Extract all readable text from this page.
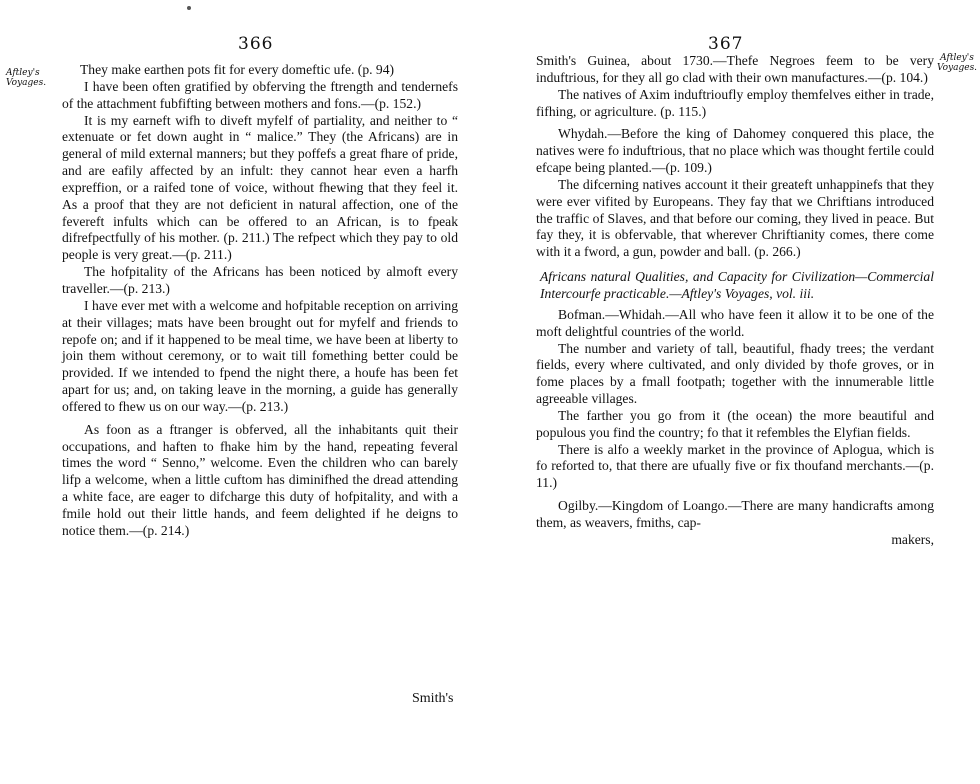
366
Aftley's Voyages.

They make earthen pots fit for every domeftic ufe. (p. 94)

I have been often gratified by obferving the ftrength and tendernefs of the attachment fubfifting between mothers and fons.—(p. 152.)

It is my earneft wifh to diveft myfelf of partiality, and neither to “ extenuate or fet down aught in “ malice.” They (the Africans) are in general of mild external manners; but they poffefs a great fhare of pride, and are eafily affected by an infult: they cannot hear even a harfh expreffion, or a raifed tone of voice, without fhewing that they feel it. As a proof that they are not deficient in natural affection, one of the fevereft infults which can be offered to an African, is to fpeak difrefpectfully of his mother. (p. 211.) The refpect which they pay to old people is very great.—(p. 211.)

The hofpitality of the Africans has been noticed by almoft every traveller.—(p. 213.)

I have ever met with a welcome and hofpitable reception on arriving at their villages; mats have been brought out for myfelf and friends to repofe on; and if it happened to be meal time, we have been at liberty to join them without ceremony, or to wait till fomething better could be provided. If we intended to fpend the night there, a houfe has been fet apart for us; and, on taking leave in the morning, a guide has generally offered to fhew us on our way.—(p. 213.)

As foon as a ftranger is obferved, all the inhabitants quit their occupations, and haften to fhake him by the hand, repeating feveral times the word “ Senno,” welcome. Even the children who can barely lifp a welcome, when a little cuftom has diminifhed the dread attending a white face, are eager to difcharge this duty of hofpitality, and with a fmile hold out their little hands, and feem delighted if he deigns to notice them.—(p. 214.)

Smith's
367
Aftley's Voyages.

Smith's Guinea, about 1730.—Thefe Negroes feem to be very induftrious, for they all go clad with their own manufactures.—(p. 104.)

The natives of Axim induftrioufly employ themfelves either in trade, fifhing, or agriculture. (p. 115.)

Whydah.—Before the king of Dahomey conquered this place, the natives were fo induftrious, that no place which was thought fertile could efcape being planted.—(p. 109.)

The difcerning natives account it their greateft unhappinefs that they were ever vifited by Europeans. They fay that we Chriftians introduced the traffic of Slaves, and that before our coming, they lived in peace. But fay they, it is obfervable, that wherever Chriftianity comes, there come with it a fword, a gun, powder and ball. (p. 266.)

Africans natural Qualities, and Capacity for Civilization—Commercial Intercourfe practicable.—Aftley's Voyages, vol. iii.

Bofman.—Whidah.—All who have feen it allow it to be one of the moft delightful countries of the world.

The number and variety of tall, beautiful, fhady trees; the verdant fields, every where cultivated, and only divided by thofe groves, or in fome places by a fmall footpath; together with the innumerable little agreeable villages.

The farther you go from it (the ocean) the more beautiful and populous you find the country; fo that it refembles the Elyfian fields.

There is alfo a weekly market in the province of Aplogua, which is fo reforted to, that there are ufually five or fix thoufand merchants.—(p. 11.)

Ogilby.—Kingdom of Loango.—There are many handicrafts among them, as weavers, fmiths, cap-

makers,
